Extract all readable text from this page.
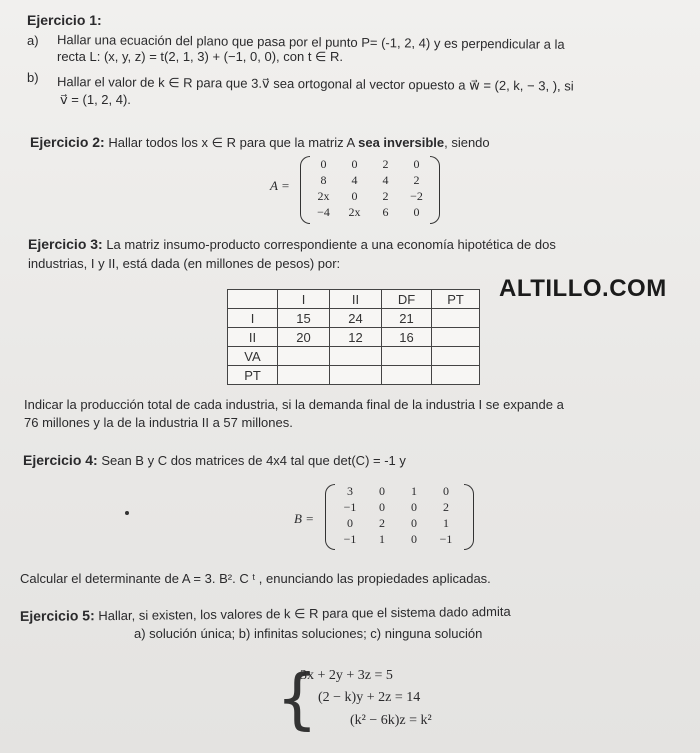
Ejercicio 1:
a) Hallar una ecuación del plano que pasa por el punto P= (-1, 2, 4) y es perpendicular a la
recta L: (x, y, z) = t(2, 1, 3) + (−1, 0, 0), con t ∈ R.
b) Hallar el valor de k ∈ R para que 3.v⃗ sea ortogonal al vector opuesto a w⃗ = (2, k, − 3, ), si
v⃗ = (1, 2, 4).
Ejercicio 2: Hallar todos los x ∈ R para que la matriz A sea inversible, siendo
A =
0	0	2	0
8	4	4	2
2x	0	2	−2
−4	2x	6	0
Ejercicio 3: La matriz insumo-producto correspondiente a una economía hipotética de dos
industrias, I y II, está dada (en millones de pesos) por:
	I	II	DF	PT
I	15	24	21	
II	20	12	16	
VA				
PT				
ALTILLO.COM
Indicar la producción total de cada industria, si la demanda final de la industria I se expande a
76 millones y la de la industria II a 57 millones.
Ejercicio 4: Sean B y C dos matrices de 4x4 tal que det(C) = -1 y
B =
3	0	1	0
−1	0	0	2
0	2	0	1
−1	1	0	−1
Calcular el determinante de A = 3. B². C ᵗ , enunciando las propiedades aplicadas.
Ejercicio 5: Hallar, si existen, los valores de k ∈ R para que el sistema dado admita
a) solución única; b) infinitas soluciones; c) ninguna solución
{
3x + 2y + 3z = 5
(2 − k)y + 2z = 14
(k² − 6k)z = k²
